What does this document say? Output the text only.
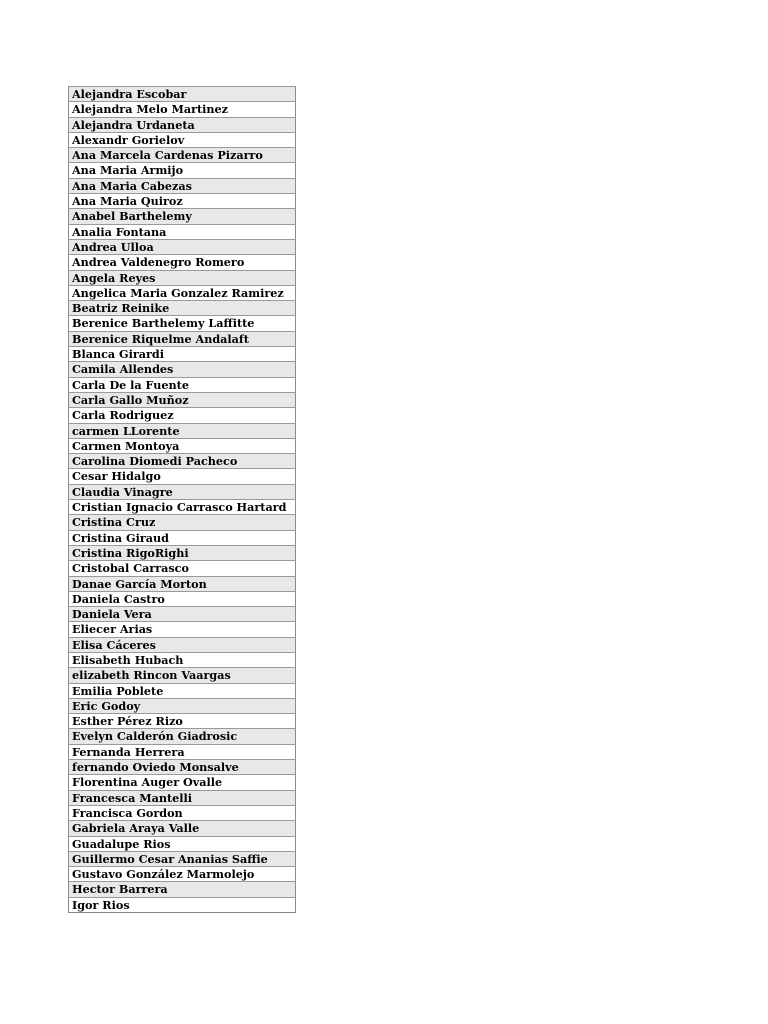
Alejandra Escobar
Alejandra Melo Martinez
Alejandra Urdaneta
Alexandr Gorielov
Ana Marcela Cardenas Pizarro
Ana Maria Armijo
Ana Maria Cabezas
Ana Maria Quiroz
Anabel Barthelemy
Analia Fontana
Andrea Ulloa
Andrea Valdenegro Romero
Angela Reyes
Angelica Maria Gonzalez Ramirez
Beatriz Reinike
Berenice Barthelemy Laffitte
Berenice Riquelme Andalaft
Blanca Girardi
Camila Allendes
Carla De la Fuente
Carla Gallo Muñoz
Carla Rodriguez
carmen LLorente
Carmen Montoya
Carolina Diomedi Pacheco
Cesar Hidalgo
Claudia Vinagre
Cristian Ignacio Carrasco Hartard
Cristina Cruz
Cristina Giraud
Cristina RigoRighi
Cristobal Carrasco
Danae García Morton
Daniela Castro
Daniela Vera
Eliecer Arias
Elisa Cáceres
Elisabeth Hubach
elizabeth Rincon Vaargas
Emilia Poblete
Eric Godoy
Esther Pérez Rizo
Evelyn Calderón Giadrosic
Fernanda Herrera
fernando Oviedo Monsalve
Florentina Auger Ovalle
Francesca Mantelli
Francisca Gordon
Gabriela Araya Valle
Guadalupe Rios
Guillermo Cesar Ananias Saffie
Gustavo González Marmolejo
Hector Barrera
Igor Rios
